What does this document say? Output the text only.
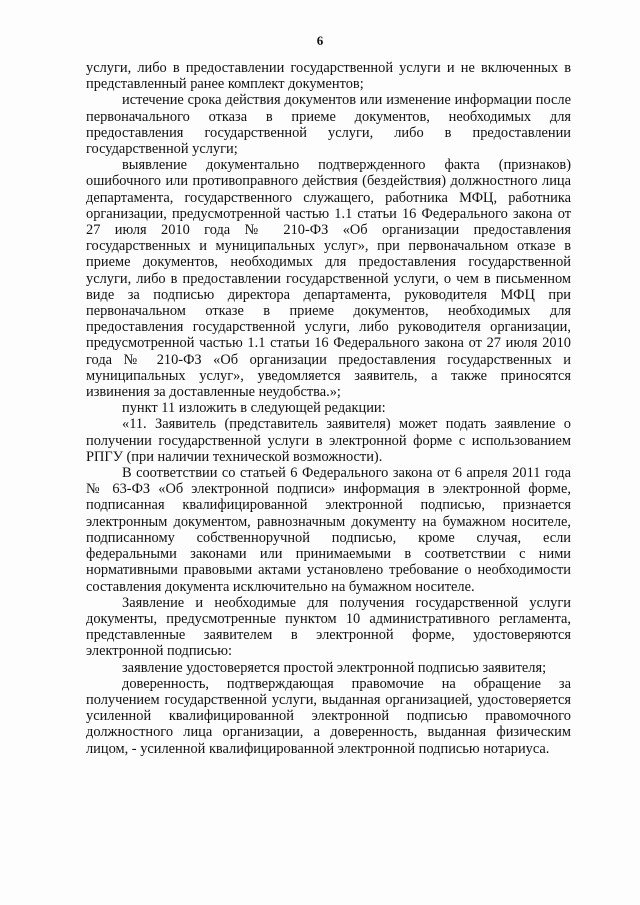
6

услуги, либо в предоставлении государственной услуги и не включенных в представленный ранее комплект документов;

истечение срока действия документов или изменение информации после первоначального отказа в приеме документов, необходимых для предоставления государственной услуги, либо в предоставлении государственной услуги;

выявление документально подтвержденного факта (признаков) ошибочного или противоправного действия (бездействия) должностного лица департамента, государственного служащего, работника МФЦ, работника организации, предусмотренной частью 1.1 статьи 16 Федерального закона от 27 июля 2010 года № 210-ФЗ «Об организации предоставления государственных и муниципальных услуг», при первоначальном отказе в приеме документов, необходимых для предоставления государственной услуги, либо в предоставлении государственной услуги, о чем в письменном виде за подписью директора департамента, руководителя МФЦ при первоначальном отказе в приеме документов, необходимых для предоставления государственной услуги, либо руководителя организации, предусмотренной частью 1.1 статьи 16 Федерального закона от 27 июля 2010 года № 210-ФЗ «Об организации предоставления государственных и муниципальных услуг», уведомляется заявитель, а также приносятся извинения за доставленные неудобства.»;

пункт 11 изложить в следующей редакции:

«11. Заявитель (представитель заявителя) может подать заявление о получении государственной услуги в электронной форме с использованием РПГУ (при наличии технической возможности).

В соответствии со статьей 6 Федерального закона от 6 апреля 2011 года № 63-ФЗ «Об электронной подписи» информация в электронной форме, подписанная квалифицированной электронной подписью, признается электронным документом, равнозначным документу на бумажном носителе, подписанному собственноручной подписью, кроме случая, если федеральными законами или принимаемыми в соответствии с ними нормативными правовыми актами установлено требование о необходимости составления документа исключительно на бумажном носителе.

Заявление и необходимые для получения государственной услуги документы, предусмотренные пунктом 10 административного регламента, представленные заявителем в электронной форме, удостоверяются электронной подписью:

заявление удостоверяется простой электронной подписью заявителя;

доверенность, подтверждающая правомочие на обращение за получением государственной услуги, выданная организацией, удостоверяется усиленной квалифицированной электронной подписью правомочного должностного лица организации, а доверенность, выданная физическим лицом, - усиленной квалифицированной электронной подписью нотариуса.
